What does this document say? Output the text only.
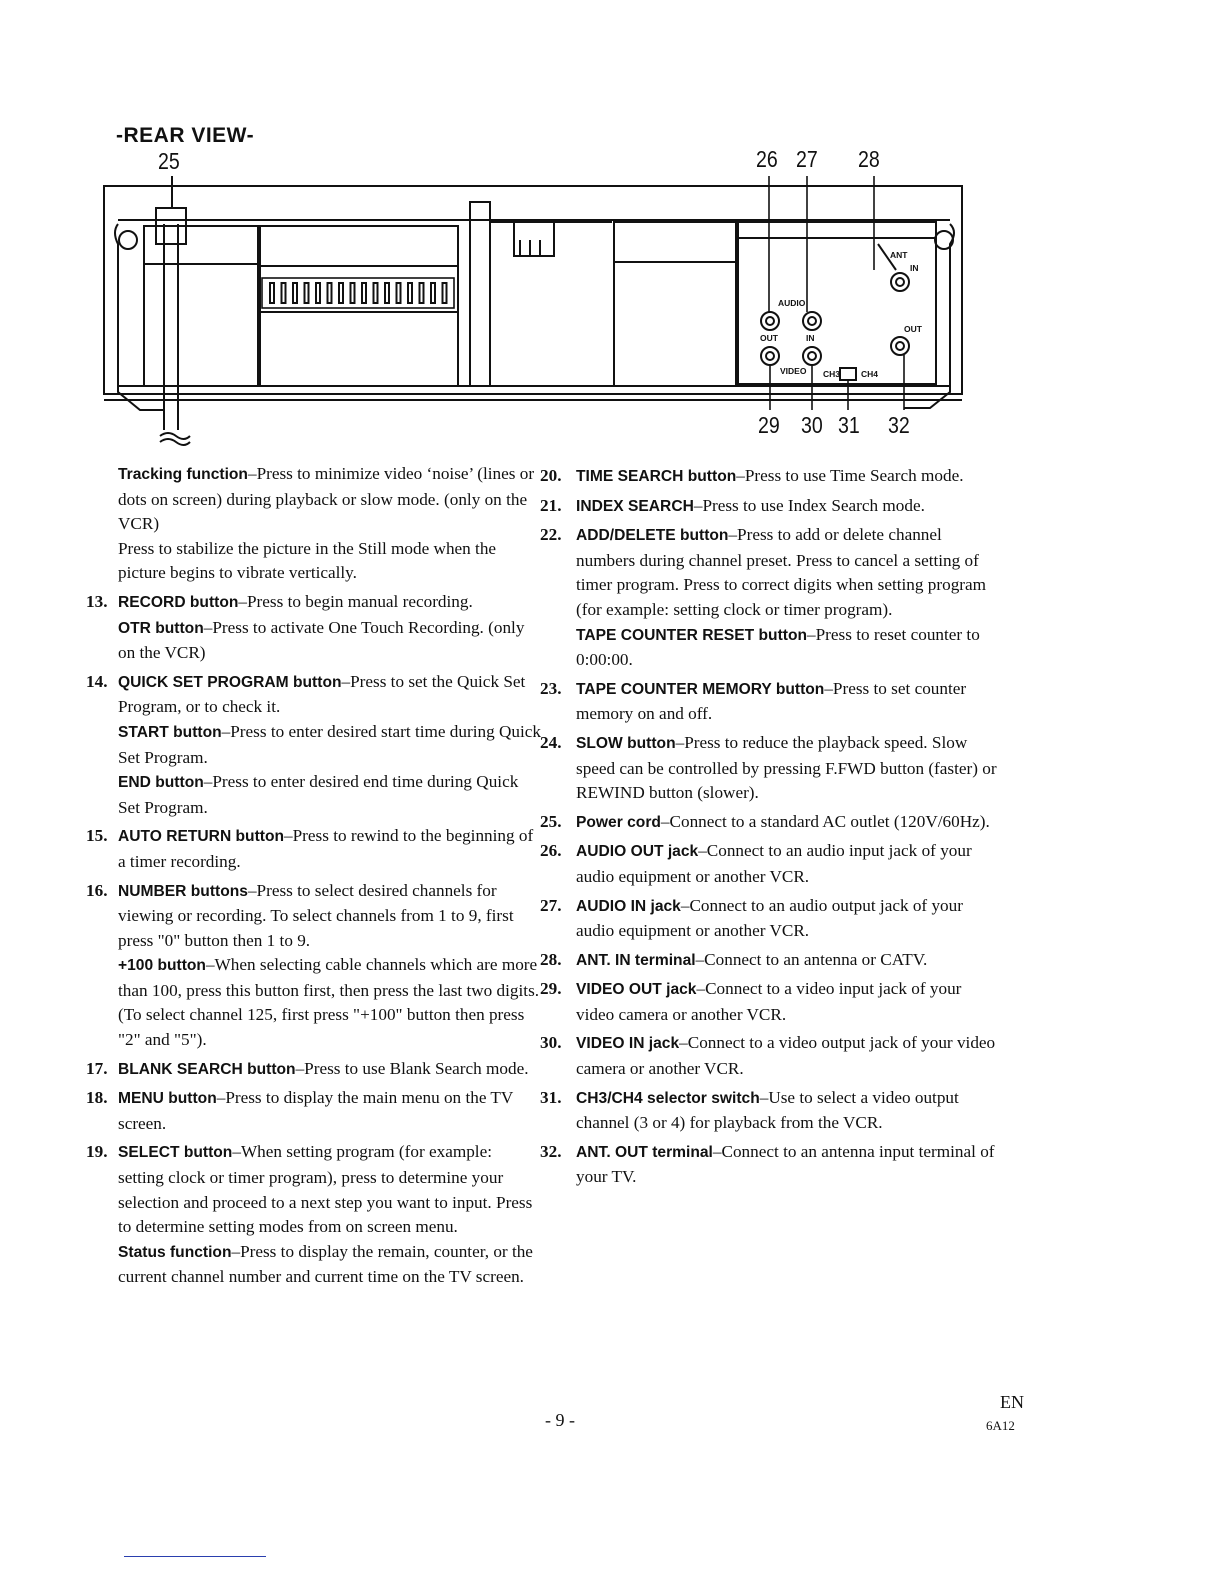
-REAR VIEW-
25	26 27 28
29 30 31 32
ANT
IN
AUDIO
OUT
OUT	IN
VIDEO CH3 CH4
Tracking function–Press to minimize video ‘noise’ (lines or dots on screen) during playback or slow mode. (only on the VCR)
Press to stabilize the picture in the Still mode when the picture begins to vibrate vertically.
13. RECORD button–Press to begin manual recording.
OTR button–Press to activate One Touch Recording. (only on the VCR)
14. QUICK SET PROGRAM button–Press to set the Quick Set Program, or to check it.
START button–Press to enter desired start time during Quick Set Program.
END button–Press to enter desired end time during Quick Set Program.
15. AUTO RETURN button–Press to rewind to the beginning of a timer recording.
16. NUMBER buttons–Press to select desired channels for viewing or recording. To select channels from 1 to 9, first press "0" button then 1 to 9.
+100 button–When selecting cable channels which are more than 100, press this button first, then press the last two digits. (To select channel 125, first press "+100" button then press "2" and "5").
17. BLANK SEARCH button–Press to use Blank Search mode.
18. MENU button–Press to display the main menu on the TV screen.
19. SELECT button–When setting program (for example: setting clock or timer program), press to determine your selection and proceed to a next step you want to input. Press to determine setting modes from on screen menu.
Status function–Press to display the remain, counter, or the current channel number and current time on the TV screen.
20. TIME SEARCH button–Press to use Time Search mode.
21. INDEX SEARCH–Press to use Index Search mode.
22. ADD/DELETE button–Press to add or delete channel numbers during channel preset. Press to cancel a setting of timer program. Press to correct digits when setting program (for example: setting clock or timer program).
TAPE COUNTER RESET button–Press to reset counter to 0:00:00.
23. TAPE COUNTER MEMORY button–Press to set counter memory on and off.
24. SLOW button–Press to reduce the playback speed. Slow speed can be controlled by pressing F.FWD button (faster) or REWIND button (slower).
25. Power cord–Connect to a standard AC outlet (120V/60Hz).
26. AUDIO OUT jack–Connect to an audio input jack of your audio equipment or another VCR.
27. AUDIO IN jack–Connect to an audio output jack of your audio equipment or another VCR.
28. ANT. IN terminal–Connect to an antenna or CATV.
29. VIDEO OUT jack–Connect to a video input jack of your video camera or another VCR.
30. VIDEO IN jack–Connect to a video output jack of your video camera or another VCR.
31. CH3/CH4 selector switch–Use to select a video output channel (3 or 4) for playback from the VCR.
32. ANT. OUT terminal–Connect to an antenna input terminal of your TV.
- 9 -
EN
6A12
